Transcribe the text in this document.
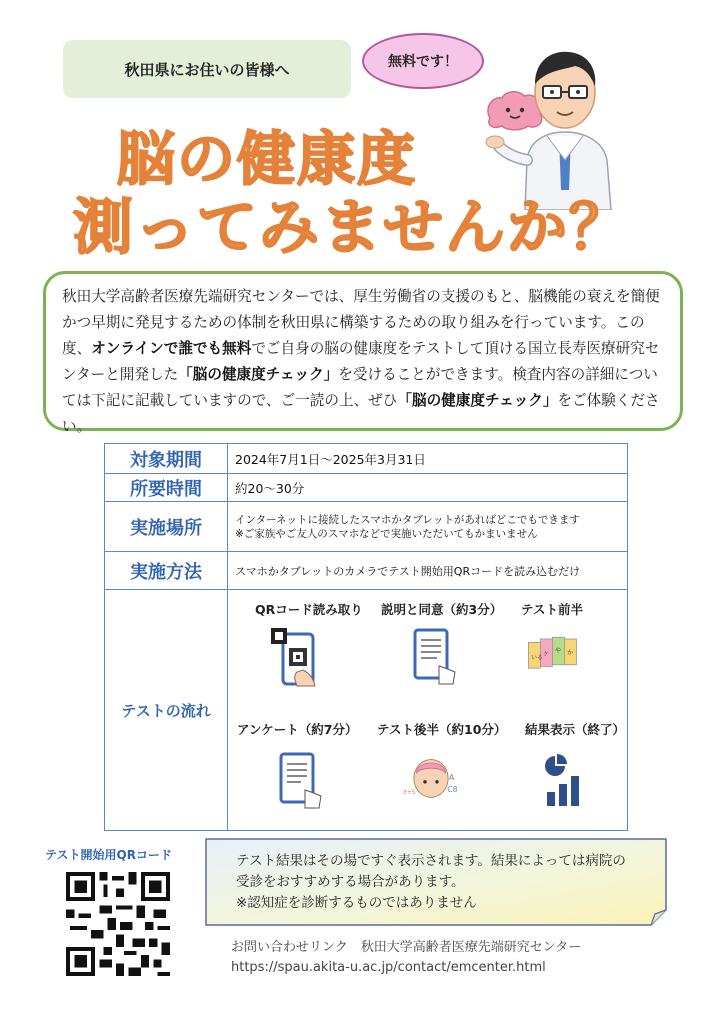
秋田県にお住いの皆様へ	無料です！
脳の健康度
測ってみませんか？
秋田大学高齢者医療先端研究センターでは、厚生労働省の支援のもと、脳機能の衰えを簡便かつ早期に発見するための体制を秋田県に構築するための取り組みを行っています。この度、オンラインで誰でも無料でご自身の脳の健康度をテストして頂ける国立長寿医療研究センターと開発した「脳の健康度チェック」を受けることができます。検査内容の詳細については下記に記載していますので、ご一読の上、ぜひ「脳の健康度チェック」をご体験ください。
対象期間	2024年7月1日～2025年3月31日
所要時間	約20～30分
実施場所	インターネットに接続したスマホかタブレットがあればどこでもできます
※ご家族やご友人のスマホなどで実施いただいてもかまいません
実施方法	スマホかタブレットのカメラでテスト開始用QRコードを読み込むだけ
テストの流れ
QRコード読み取り 説明と同意（約3分） テスト前半
いる ケ や か
アンケート（約7分） テスト後半（約10分） 結果表示（終了）
3+5	C8
A
テスト開始用QRコード	テスト結果はその場ですぐ表示されます。結果によっては病院の
受診をおすすめする場合があります。
※認知症を診断するものではありません
お問い合わせリンク　秋田大学高齢者医療先端研究センター
https://spau.akita-u.ac.jp/contact/emcenter.html
